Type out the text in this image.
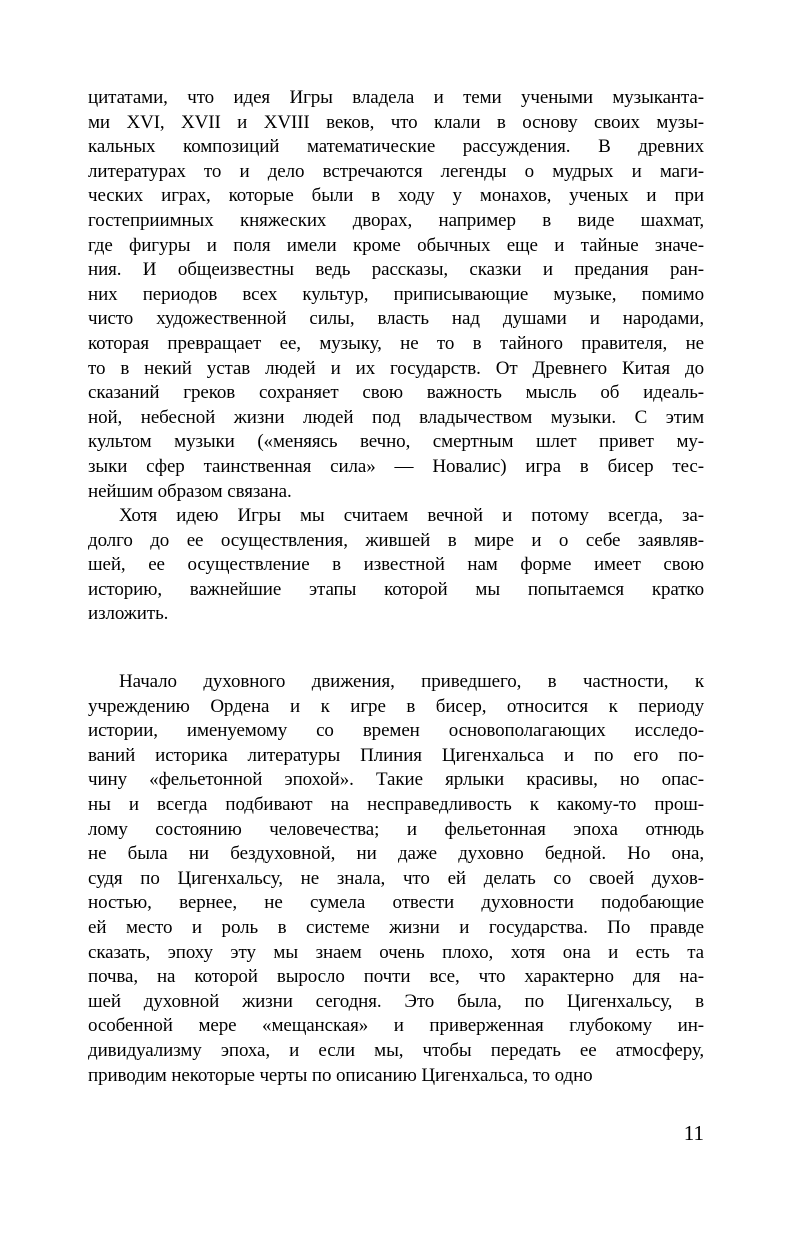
цитатами, что идея Игры владела и теми учеными музыканта-
ми XVI, XVII и XVIII веков, что клали в основу своих музы-
кальных композиций математические рассуждения. В древних
литературах то и дело встречаются легенды о мудрых и маги-
ческих играх, которые были в ходу у монахов, ученых и при
гостеприимных княжеских дворах, например в виде шахмат,
где фигуры и поля имели кроме обычных еще и тайные значе-
ния. И общеизвестны ведь рассказы, сказки и предания ран-
них периодов всех культур, приписывающие музыке, помимо
чисто художественной силы, власть над душами и народами,
которая превращает ее, музыку, не то в тайного правителя, не
то в некий устав людей и их государств. От Древнего Китая до
сказаний греков сохраняет свою важность мысль об идеаль-
ной, небесной жизни людей под владычеством музыки. С этим
культом музыки («меняясь вечно, смертным шлет привет му-
зыки сфер таинственная сила» — Новалис) игра в бисер тес-
нейшим образом связана.
Хотя идею Игры мы считаем вечной и потому всегда, за-
долго до ее осуществления, жившей в мире и о себе заявляв-
шей, ее осуществление в известной нам форме имеет свою
историю, важнейшие этапы которой мы попытаемся кратко
изложить.
Начало духовного движения, приведшего, в частности, к
учреждению Ордена и к игре в бисер, относится к периоду
истории, именуемому со времен основополагающих исследо-
ваний историка литературы Плиния Цигенхальса и по его по-
чину «фельетонной эпохой». Такие ярлыки красивы, но опас-
ны и всегда подбивают на несправедливость к какому-то прош-
лому состоянию человечества; и фельетонная эпоха отнюдь
не была ни бездуховной, ни даже духовно бедной. Но она,
судя по Цигенхальсу, не знала, что ей делать со своей духов-
ностью, вернее, не сумела отвести духовности подобающие
ей место и роль в системе жизни и государства. По правде
сказать, эпоху эту мы знаем очень плохо, хотя она и есть та
почва, на которой выросло почти все, что характерно для на-
шей духовной жизни сегодня. Это была, по Цигенхальсу, в
особенной мере «мещанская» и приверженная глубокому ин-
дивидуализму эпоха, и если мы, чтобы передать ее атмосферу,
приводим некоторые черты по описанию Цигенхальса, то одно
11
